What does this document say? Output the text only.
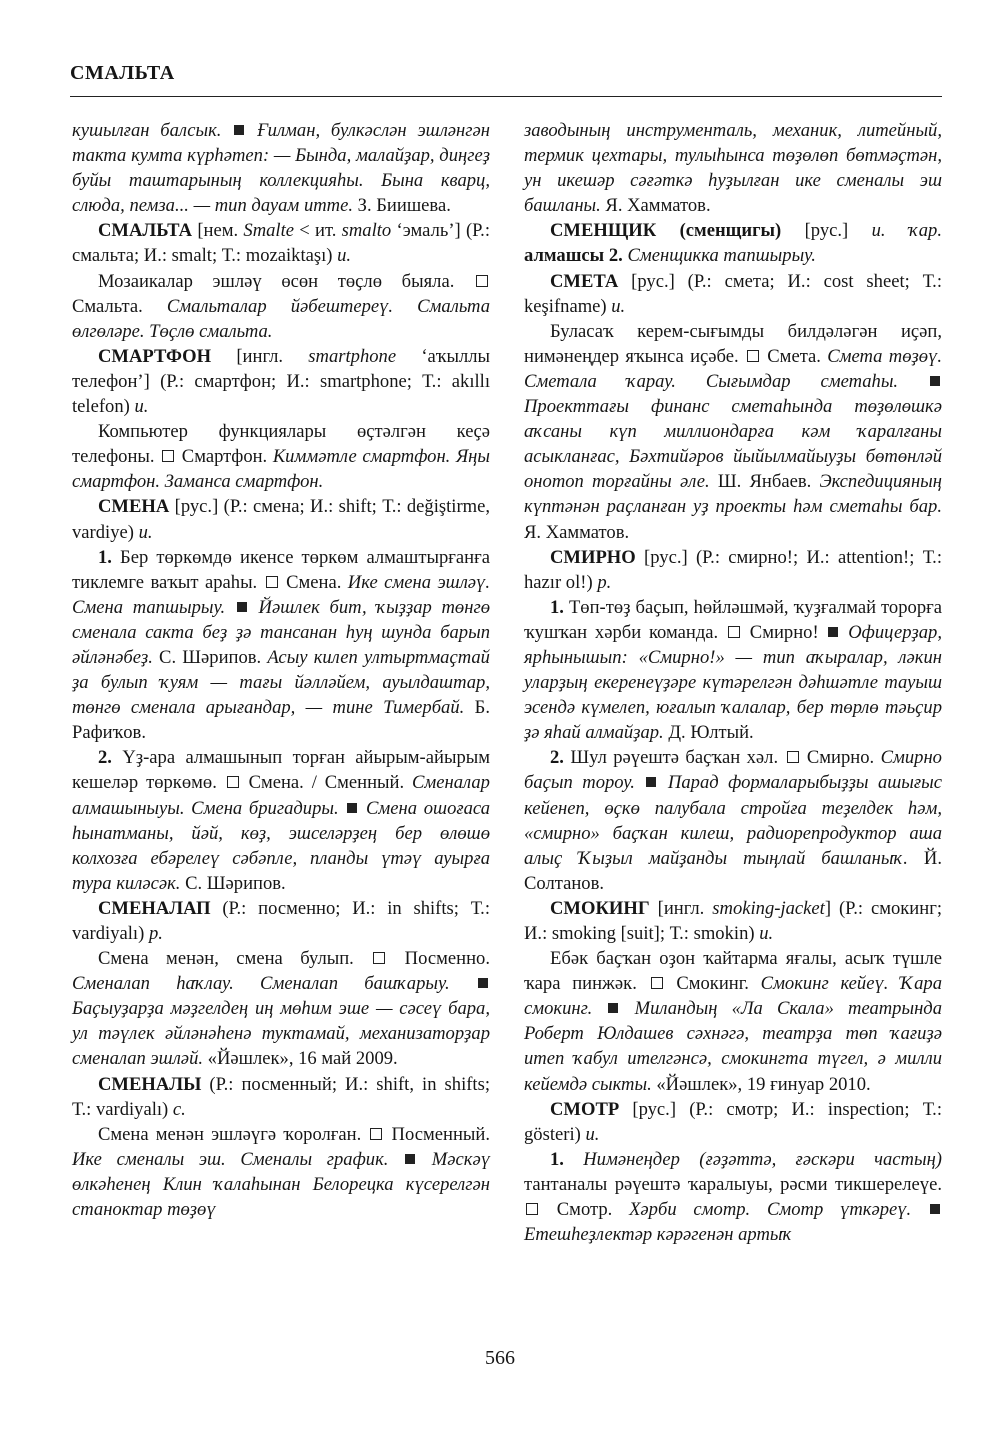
СМАЛЬТА

кушылған балсык. Ғилман, булкәслән эшләнгән такта кумта күрһәтеп: — Бында, малайҙар, диңгеҙ буйы таштарының коллекцияһы. Бына кварц, слюда, пемза... — тип дауам итте. З. Биишева.

СМАЛЬТА [нем. Smalte < ит. smalto ‘эмаль’] (Р.: смальта; И.: smalt; Т.: mozaiktaşı) и.

Мозаикалар эшләү өсөн төҫлө быяла.  Смальта. Смальталар йәбештереү. Смальта өлгөләре. Төҫлө смальта.

СМАРТФОН [ингл. smartphone ‘аҡыллы телефон’] (Р.: смартфон; И.: smartphone; Т.: akıllı telefon) и.

Компьютер функциялары өҫтәлгән кеҫә телефоны.  Смартфон. Киммәтле смартфон. Яңы смартфон. Заманса смартфон.

СМЕНА [рус.] (Р.: смена; И.: shift; Т.: değiştirme, vardiye) и.

1. Бер төркөмдө икенсе төркөм алмаштырғанға тиклемге ваҡыт араһы.  Смена. Ике смена эшләү. Смена тапшырыу.  Йәшлек бит, ҡыҙҙар төнгө сменала сакта беҙ ҙә тансанан һуң шунда барып әйләнәбеҙ. С. Шәрипов. Асыу килеп ултыртмаҫтай ҙа булып ҡуям — тағы йәлләйем, ауылдаштар, төнгө сменала арығандар, — тине Тимербай. Б. Рафиҡов.

2. Үҙ-ара алмашынып торған айырым-айырым кешеләр төркөмө.  Смена. / Сменный. Сменалар алмашыныуы. Смена бригадиры.  Смена ошоғаса һынатманы, йәй, көҙ, эшселәрҙең бер өлөшө колхозға ебәрелеү сәбәпле, планды үтәү ауырға тура киләсәк. С. Шәрипов.

СМЕНАЛАП (Р.: посменно; И.: in shifts; Т.: vardiyalı) р.

Смена менән, смена булып.  Посменно. Сменалап һаҡлау. Сменалап башҡарыу.  Баҫыуҙарҙа мәҙгелдең иң мөһим эше — сәсеү бара, ул тәүлек әйләнәһенә туктамай, механизаторҙар сменалап эшләй. «Йәшлек», 16 май 2009.

СМЕНАЛЫ (Р.: посменный; И.: shift, in shifts; Т.: vardiyalı) с.

Смена менән эшләүгә ҡоролған.  Посменный. Ике сменалы эш. Сменалы график.  Мәскәү өлкәһенең Клин ҡалаһынан Белорецка күсерелгән станоктар төҙөү

заводының инструменталь, механик, литейный, термик цехтары, тулыһынса төҙөлөп бөтмәҫтән, ун икешәр сәғәткә һуҙылған ике сменалы эш башланы. Я. Хамматов.

СМЕНЩИК (сменщигы) [рус.] и. ҡар. алмашсы 2. Сменщикка тапшырыу.

СМЕТА [рус.] (Р.: смета; И.: cost sheet; Т.: keşifname) и.

Буласаҡ керем-сығымды билдәләгән иҫәп, нимәнеңдер яҡынса иҫәбе.  Смета. Смета төҙөү. Сметала ҡарау. Сығымдар сметаһы.  Проекттағы финанс сметаһында төҙөлөшкә аҡсаны күп миллиондарға кәм ҡаралғаны асыкланғас, Бәхтийәров йыйылмайыуҙы бөтөнләй онотоп торғайны әле. Ш. Янбаев. Экспедицияның күптәнән раҫланған уҙ проекты һәм сметаһы бар. Я. Хамматов.

СМИРНО [рус.] (Р.: смирно!; И.: attention!; Т.: hazır ol!) р.

1. Төп-төҙ баҫып, һөйләшмәй, ҡуҙғалмай торорға ҡушҡан хәрби команда.  Смирно!  Офицерҙар, ярһынышып: «Смирно!» — тип аҡыралар, ләкин уларҙың екеренеүҙәре күтәрелгән дәһшәтле тауыш эсендә күмелеп, юғалып ҡалалар, бер төрлө тәьҫир ҙә яһай алмайҙар. Д. Юлтый.

2. Шул рәүештә баҫҡан хәл.  Смирно. Смирно баҫып тороу.  Парад формаларыбыҙҙы ашығыс кейенеп, өҫкө палубала стройға теҙелдек һәм, «смирно» баҫҡан килеш, радиорепродуктор аша алыҫ Ҡыҙыл майҙанды тыңлай башланыҡ. Й. Солтанов.

СМОКИНГ [ингл. smoking-jacket] (Р.: смокинг; И.: smoking [suit]; Т.: smokin) и.

Ебәк баҫҡан оҙон ҡайтарма яғалы, асыҡ түшле ҡара пинжәк.  Смокинг. Смокинг кейеү. Ҡара смокинг.  Миландың «Ла Скала» театрында Роберт Юлдашев сәхнәгә, театрҙа төп ҡағиҙә итеп ҡабул ителгәнсә, смокингта түгел, ә милли кейемдә сыкты. «Йәшлек», 19 ғинуар 2010.

СМОТР [рус.] (Р.: смотр; И.: inspection; Т.: gösteri) и.

1. Нимәнеңдер (ғәҙәттә, ғәскәри частың) тантаналы рәүештә ҡаралыуы, рәсми тикшерелеүе.  Смотр. Хәрби смотр. Смотр үткәреү.  Етешһеҙлектәр кәрәгенән артыҡ

566
